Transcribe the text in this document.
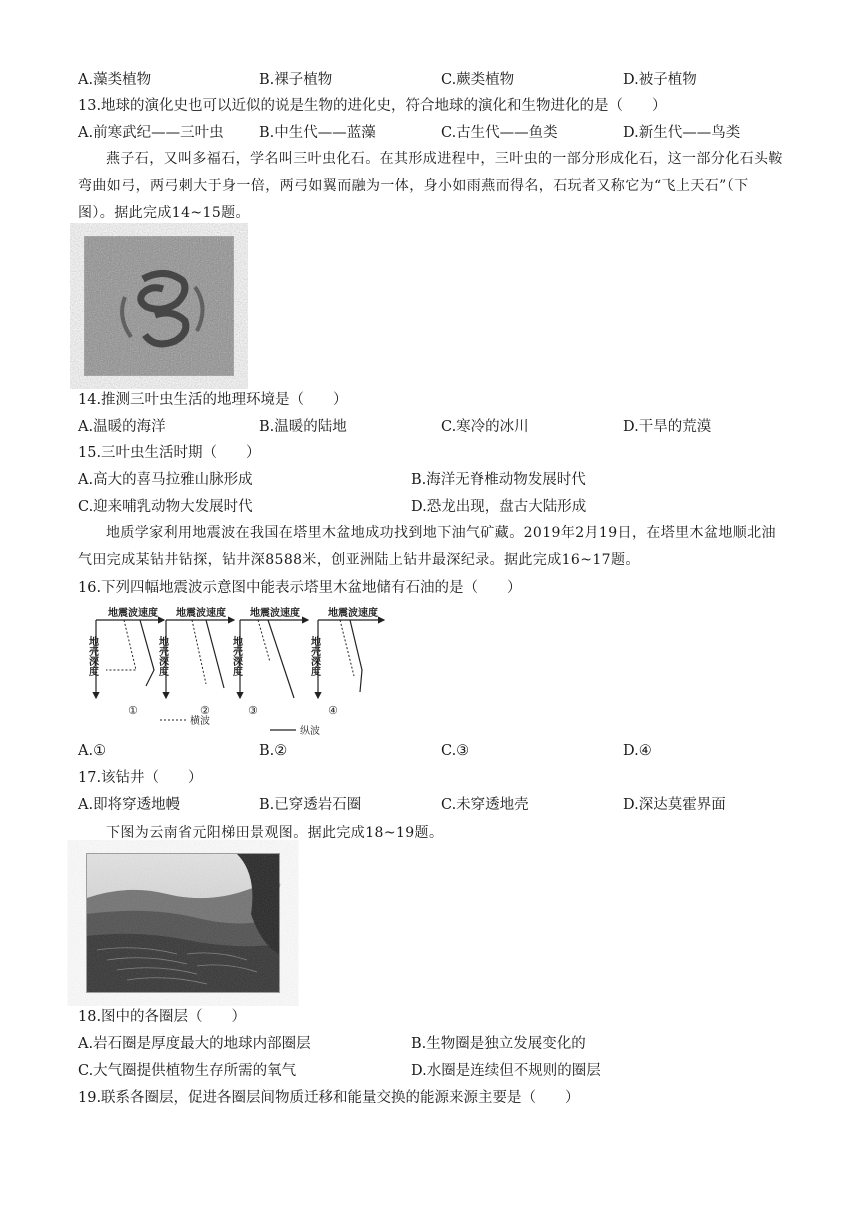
A.藻类植物	B.裸子植物	C.蕨类植物	D.被子植物
13.地球的演化史也可以近似的说是生物的进化史，符合地球的演化和生物进化的是（　　）
A.前寒武纪——三叶虫 B.中生代——蓝藻	C.古生代——鱼类	D.新生代——鸟类
燕子石，又叫多福石，学名叫三叶虫化石。在其形成进程中，三叶虫的一部分形成化石，这一部分化石头鞍弯曲如弓，两弓刺大于身一倍，两弓如翼而融为一体，身小如雨燕而得名，石玩者又称它为“飞上天石”（下图）。据此完成14~15题。
14.推测三叶虫生活的地理环境是（　　）
A.温暖的海洋	B.温暖的陆地	C.寒冷的冰川	D.干旱的荒漠
15.三叶虫生活时期（　　）
A.高大的喜马拉雅山脉形成	B.海洋无脊椎动物发展时代
C.迎来哺乳动物大发展时代	D.恐龙出现，盘古大陆形成
地质学家利用地震波在我国在塔里木盆地成功找到地下油气矿藏。2019年2月19日，在塔里木盆地顺北油气田完成某钻井钻探，钻井深8588米，创亚洲陆上钻井最深纪录。据此完成16~17题。
16.下列四幅地震波示意图中能表示塔里木盆地储有石油的是（　　）
地震波速度
地壳深度
①
地震波速度
地壳深度
②
地震波速度
地壳深度
③
地震波速度
地壳深度
④
横波
纵波
A.①	B.②	C.③	D.④
17.该钻井（　　）
A.即将穿透地幔	B.已穿透岩石圈	C.未穿透地壳	D.深达莫霍界面
下图为云南省元阳梯田景观图。据此完成18~19题。
18.图中的各圈层（　　）
A.岩石圈是厚度最大的地球内部圈层	B.生物圈是独立发展变化的
C.大气圈提供植物生存所需的氧气	D.水圈是连续但不规则的圈层
19.联系各圈层，促进各圈层间物质迁移和能量交换的能源来源主要是（　　）
